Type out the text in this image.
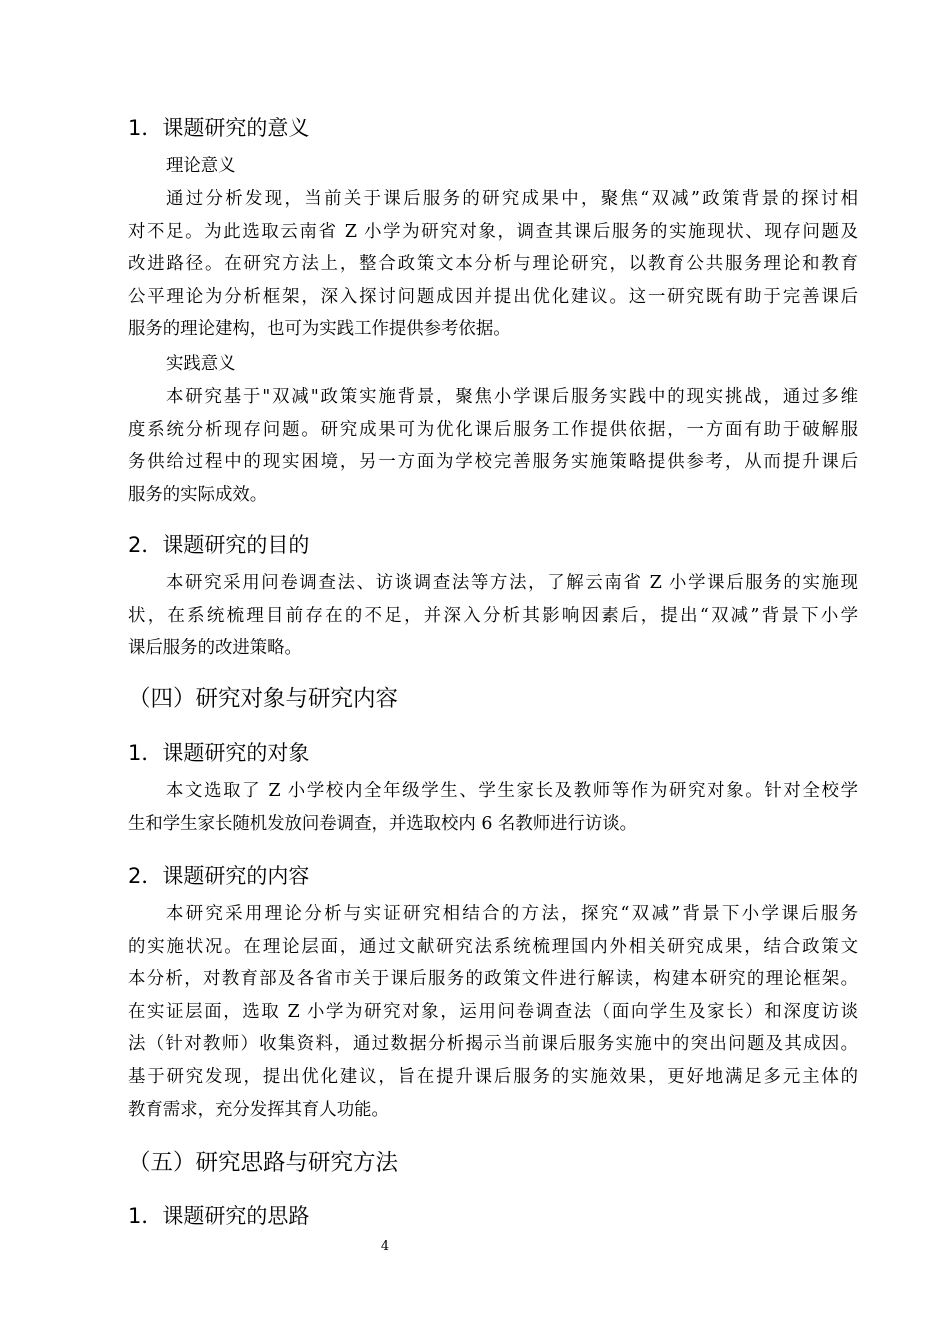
1．课题研究的意义
理论意义
通过分析发现，当前关于课后服务的研究成果中，聚焦“双减”政策背景的探讨相
对不足。为此选取云南省 Z 小学为研究对象，调查其课后服务的实施现状、现存问题及
改进路径。在研究方法上，整合政策文本分析与理论研究，以教育公共服务理论和教育
公平理论为分析框架，深入探讨问题成因并提出优化建议。这一研究既有助于完善课后
服务的理论建构，也可为实践工作提供参考依据。
实践意义
本研究基于"双减"政策实施背景，聚焦小学课后服务实践中的现实挑战，通过多维
度系统分析现存问题。研究成果可为优化课后服务工作提供依据，一方面有助于破解服
务供给过程中的现实困境，另一方面为学校完善服务实施策略提供参考，从而提升课后
服务的实际成效。
2．课题研究的目的
本研究采用问卷调查法、访谈调查法等方法，了解云南省 Z 小学课后服务的实施现
状，在系统梳理目前存在的不足，并深入分析其影响因素后，提出“双减”背景下小学
课后服务的改进策略。
（四）研究对象与研究内容
1．课题研究的对象
本文选取了 Z 小学校内全年级学生、学生家长及教师等作为研究对象。针对全校学
生和学生家长随机发放问卷调查，并选取校内 6 名教师进行访谈。
2．课题研究的内容
本研究采用理论分析与实证研究相结合的方法，探究“双减”背景下小学课后服务
的实施状况。在理论层面，通过文献研究法系统梳理国内外相关研究成果，结合政策文
本分析，对教育部及各省市关于课后服务的政策文件进行解读，构建本研究的理论框架。
在实证层面，选取 Z 小学为研究对象，运用问卷调查法（面向学生及家长）和深度访谈
法（针对教师）收集资料，通过数据分析揭示当前课后服务实施中的突出问题及其成因。
基于研究发现，提出优化建议，旨在提升课后服务的实施效果，更好地满足多元主体的
教育需求，充分发挥其育人功能。
（五）研究思路与研究方法
1．课题研究的思路
4
